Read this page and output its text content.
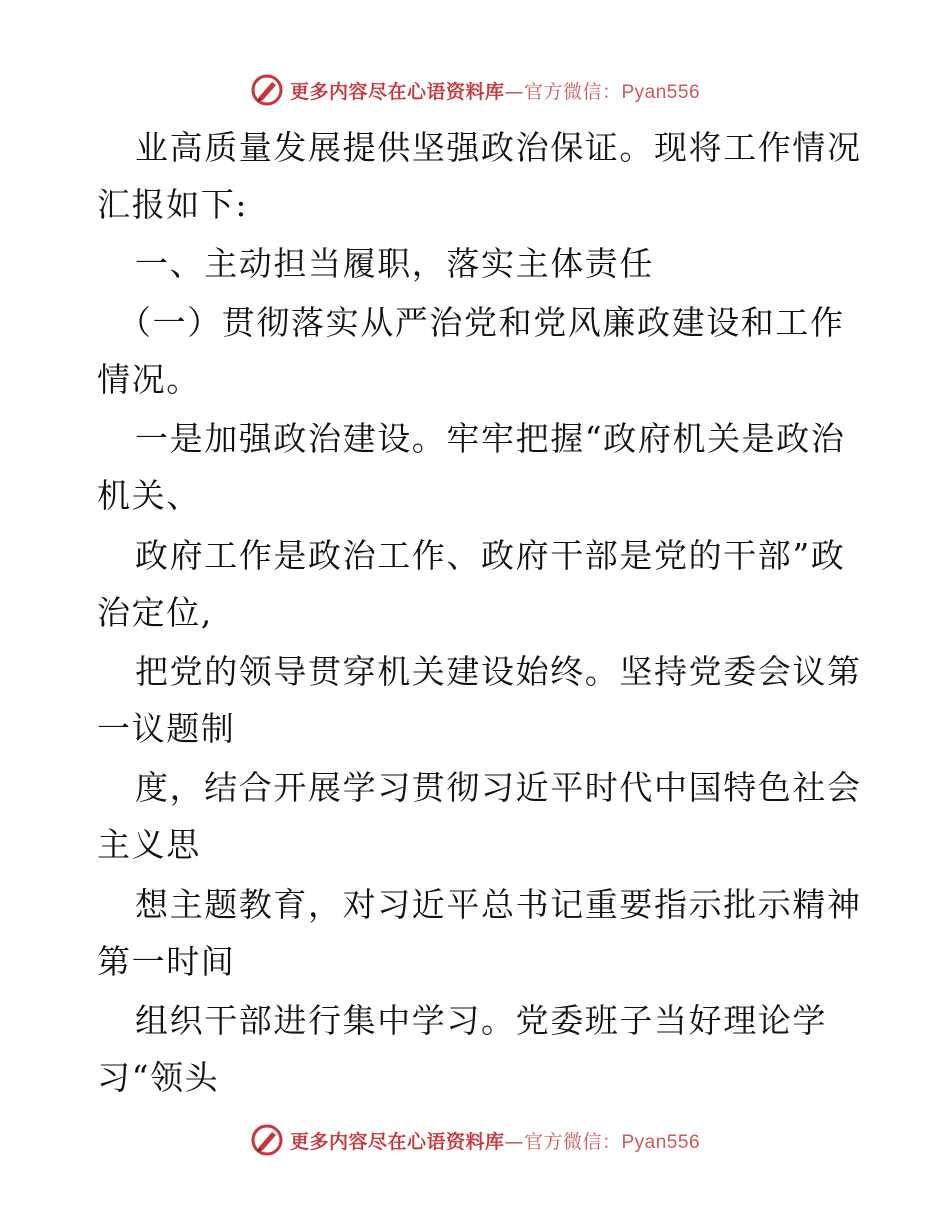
更多内容尽在心语资料库—官方微信：Pyan556
业高质量发展提供坚强政治保证。现将工作情况
汇报如下:
一、主动担当履职，落实主体责任
（一）贯彻落实从严治党和党风廉政建设和工作
情况。
一是加强政治建设。牢牢把握“政府机关是政治
机关、
政府工作是政治工作、政府干部是党的干部”政
治定位,
把党的领导贯穿机关建设始终。坚持党委会议第
一议题制
度，结合开展学习贯彻习近平时代中国特色社会
主义思
想主题教育，对习近平总书记重要指示批示精神
第一时间
组织干部进行集中学习。党委班子当好理论学
习“领头
更多内容尽在心语资料库—官方微信：Pyan556
